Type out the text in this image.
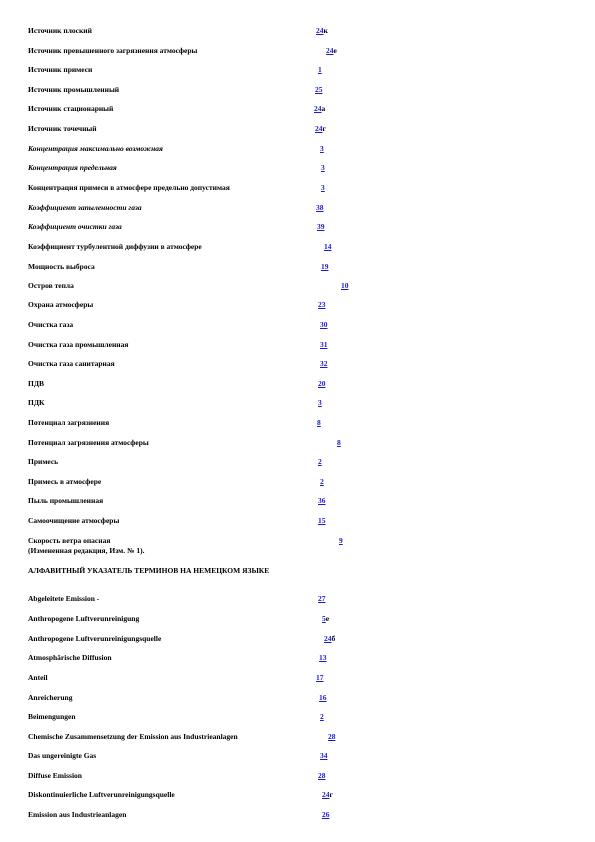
Источник плоский	24к
Источник превышенного загрязнения атмосферы	24е
Источник примеси	1
Источник промышленный	25
Источник стационарный	24а
Источник точечный	24г
Концентрация максимально возможная	3
Концентрация предельная	3
Концентрация примеси в атмосфере предельно допустимая	3
Коэффициент запыленности газа	38
Коэффициент очистки газа	39
Коэффициент турбулентной диффузии в атмосфере	14
Мощность выброса	19
Остров тепла	10
Охрана атмосферы	23
Очистка газа	30
Очистка газа промышленная	31
Очистка газа санитарная	32
ПДВ	20
ПДК	3
Потенциал загрязнения	8
Потенциал загрязнения атмосферы	8
Примесь	2
Примесь в атмосфере	2
Пыль промышленная	36
Самоочищение атмосферы	15
Скорость ветра опасная	9
(Измененная редакция, Изм. № 1).
АЛФАВИТНЫЙ УКАЗАТЕЛЬ ТЕРМИНОВ НА НЕМЕЦКОМ ЯЗЫКЕ
Abgeleitete Emission -	27
Anthropogene Luftverunreinigung	5е
Anthropogene Luftverunreinigungsquelle	24б
Atmosphärische Diffusion	13
Anteil	17
Anreicherung	16
Beimengungen	2
Chemische Zusammensetzung der Emission aus Industrieanlagen	28
Das ungereinigte Gas	34
Diffuse Emission	28
Diskontinuierliche Luftverunreinigungsquelle	24г
Emission aus Industrieanlagen	26
